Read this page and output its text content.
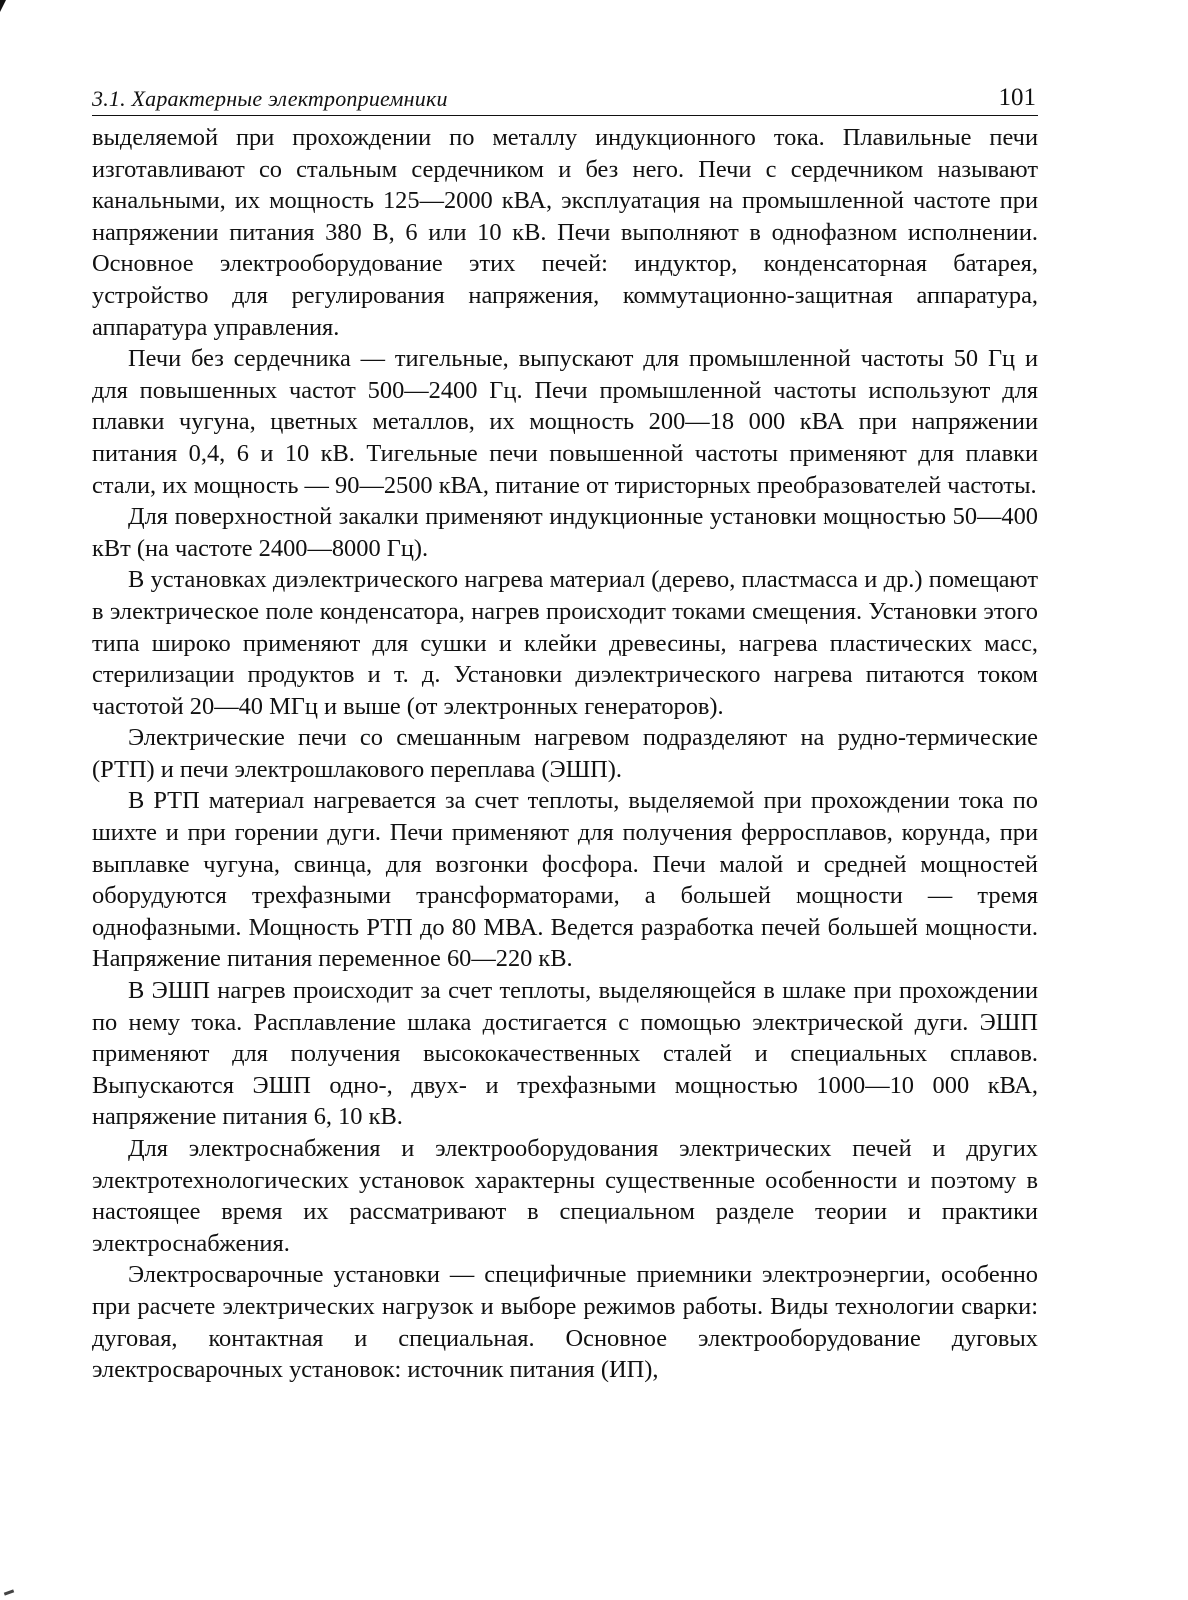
3.1. Характерные электроприемники	101

выделяемой при прохождении по металлу индукционного тока. Плавильные печи изготавливают со стальным сердечником и без него. Печи с сердечником называют канальными, их мощность 125—2000 кВА, эксплуатация на промышленной частоте при напряжении питания 380 В, 6 или 10 кВ. Печи выполняют в однофазном исполнении. Основное электрооборудование этих печей: индуктор, конденсаторная батарея, устройство для регулирования напряжения, коммутационно-защитная аппаратура, аппаратура управления.

Печи без сердечника — тигельные, выпускают для промышленной частоты 50 Гц и для повышенных частот 500—2400 Гц. Печи промышленной частоты используют для плавки чугуна, цветных металлов, их мощность 200—18 000 кВА при напряжении питания 0,4, 6 и 10 кВ. Тигельные печи повышенной частоты применяют для плавки стали, их мощность — 90—2500 кВА, питание от тиристорных преобразователей частоты.

Для поверхностной закалки применяют индукционные установки мощностью 50—400 кВт (на частоте 2400—8000 Гц).

В установках диэлектрического нагрева материал (дерево, пластмасса и др.) помещают в электрическое поле конденсатора, нагрев происходит токами смещения. Установки этого типа широко применяют для сушки и клейки древесины, нагрева пластических масс, стерилизации продуктов и т. д. Установки диэлектрического нагрева питаются током частотой 20—40 МГц и выше (от электронных генераторов).

Электрические печи со смешанным нагревом подразделяют на рудно-термические (РТП) и печи электрошлакового переплава (ЭШП).

В РТП материал нагревается за счет теплоты, выделяемой при прохождении тока по шихте и при горении дуги. Печи применяют для получения ферросплавов, корунда, при выплавке чугуна, свинца, для возгонки фосфора. Печи малой и средней мощностей оборудуются трехфазными трансформаторами, а большей мощности — тремя однофазными. Мощность РТП до 80 МВА. Ведется разработка печей большей мощности. Напряжение питания переменное 60—220 кВ.

В ЭШП нагрев происходит за счет теплоты, выделяющейся в шлаке при прохождении по нему тока. Расплавление шлака достигается с помощью электрической дуги. ЭШП применяют для получения высококачественных сталей и специальных сплавов. Выпускаются ЭШП одно-, двух- и трехфазными мощностью 1000—10 000 кВА, напряжение питания 6, 10 кВ.

Для электроснабжения и электрооборудования электрических печей и других электротехнологических установок характерны существенные особенности и поэтому в настоящее время их рассматривают в специальном разделе теории и практики электроснабжения.

Электросварочные установки — специфичные приемники электроэнергии, особенно при расчете электрических нагрузок и выборе режимов работы. Виды технологии сварки: дуговая, контактная и специальная. Основное электрооборудование дуговых электросварочных установок: источник питания (ИП),
